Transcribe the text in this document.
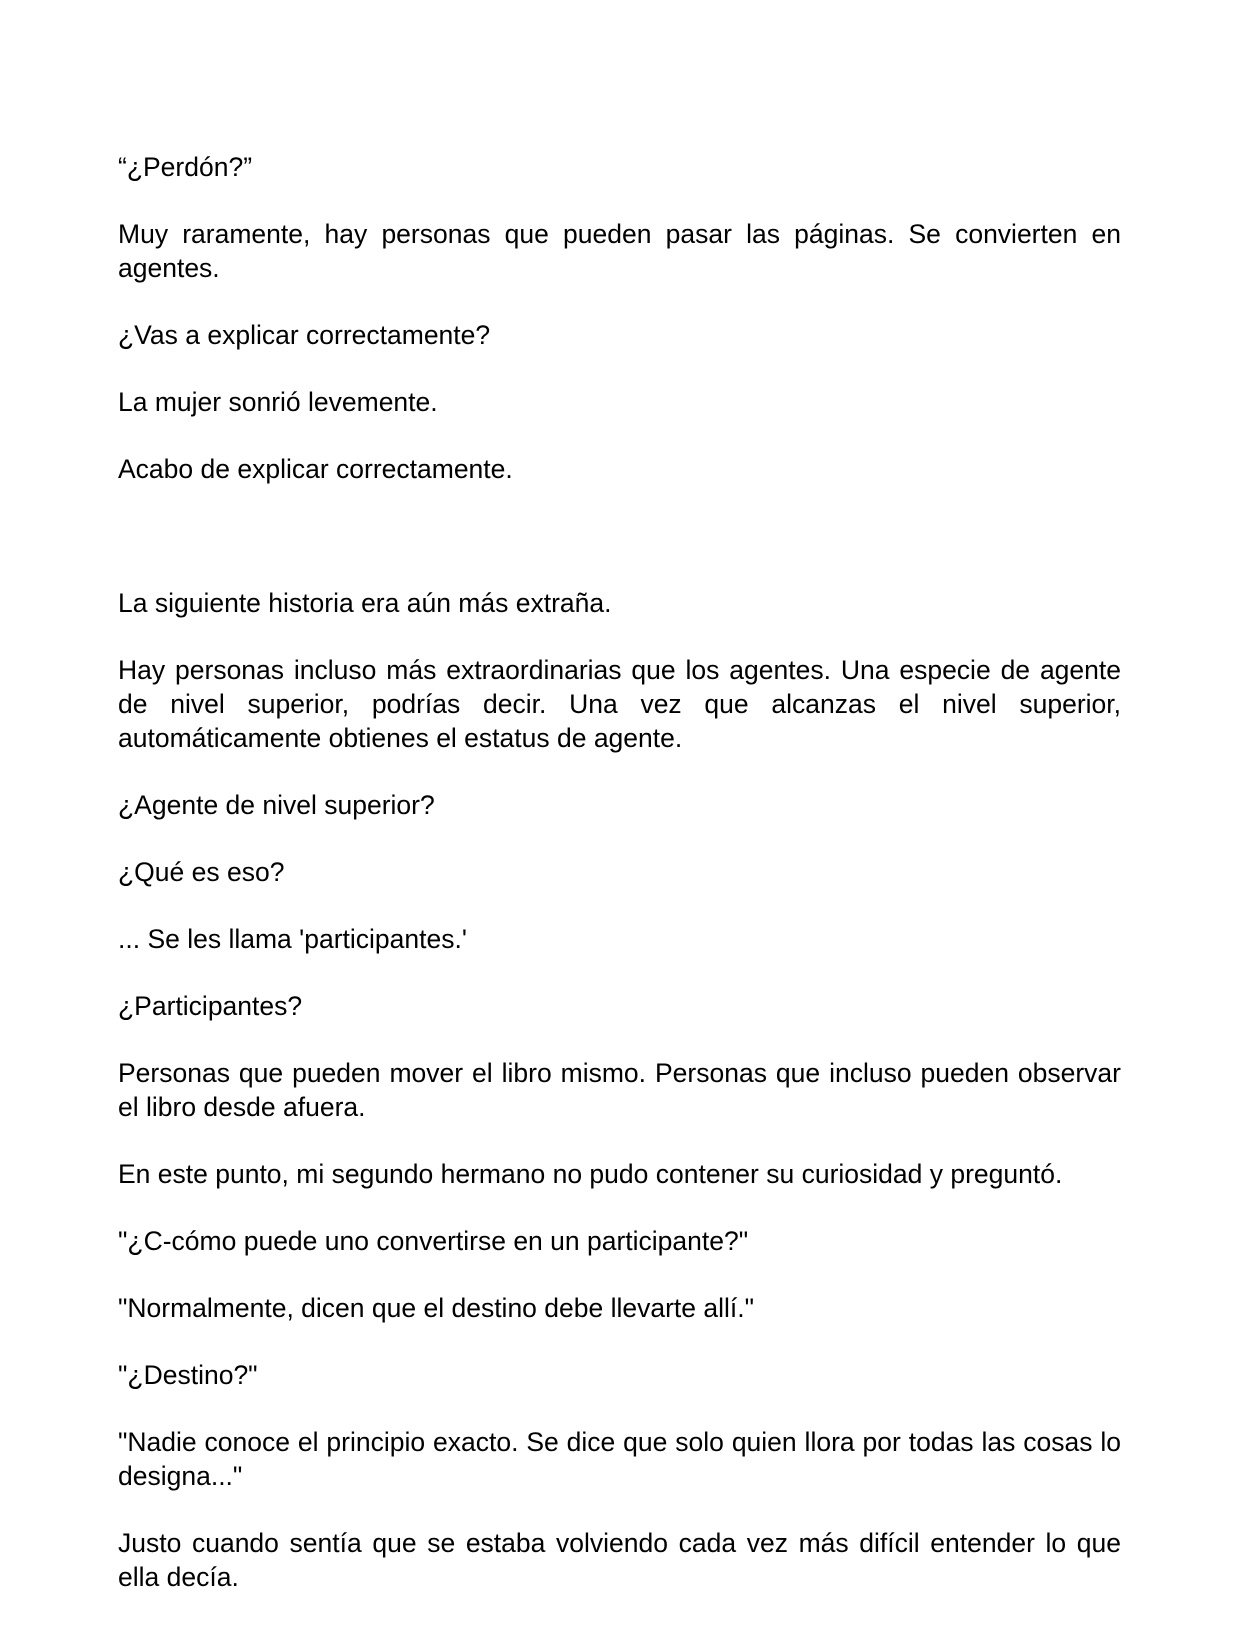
“¿Perdón?”

Muy raramente, hay personas que pueden pasar las páginas. Se convierten en agentes.

¿Vas a explicar correctamente?

La mujer sonrió levemente.

Acabo de explicar correctamente.

La siguiente historia era aún más extraña.

Hay personas incluso más extraordinarias que los agentes. Una especie de agente de nivel superior, podrías decir. Una vez que alcanzas el nivel superior, automáticamente obtienes el estatus de agente.

¿Agente de nivel superior?

¿Qué es eso?

... Se les llama 'participantes.'

¿Participantes?

Personas que pueden mover el libro mismo. Personas que incluso pueden observar el libro desde afuera.

En este punto, mi segundo hermano no pudo contener su curiosidad y preguntó.

"¿C-cómo puede uno convertirse en un participante?"

"Normalmente, dicen que el destino debe llevarte allí."

"¿Destino?"

"Nadie conoce el principio exacto. Se dice que solo quien llora por todas las cosas lo designa..."

Justo cuando sentía que se estaba volviendo cada vez más difícil entender lo que ella decía.
